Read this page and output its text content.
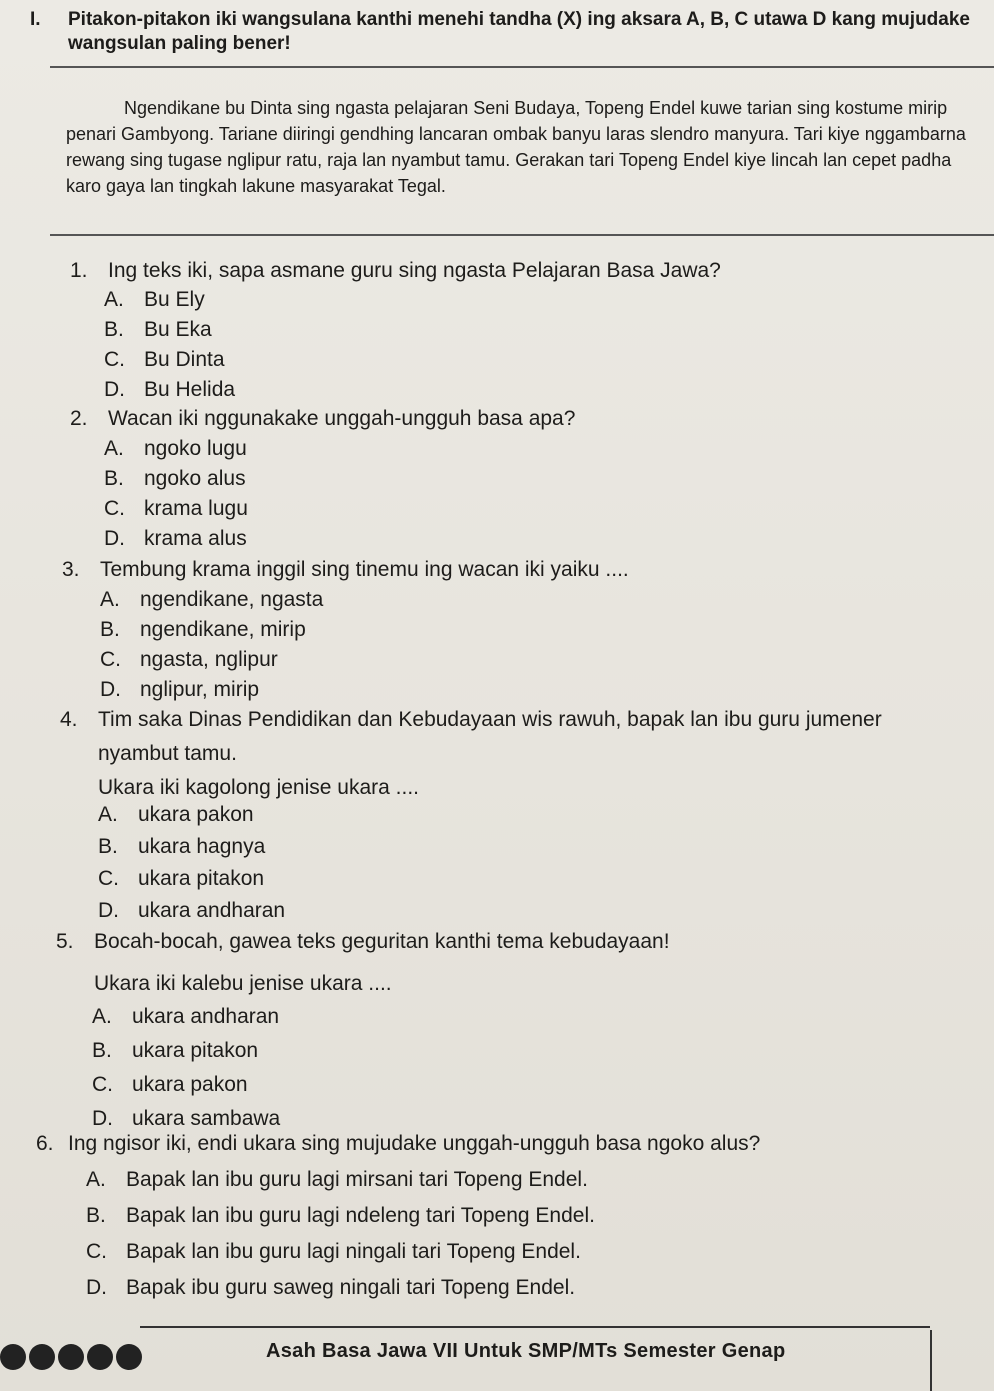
I. Pitakon-pitakon iki wangsulana kanthi menehi tandha (X) ing aksara A, B, C utawa D kang mujudake wangsulan paling bener!
Ngendikane bu Dinta sing ngasta pelajaran Seni Budaya, Topeng Endel kuwe tarian sing kostume mirip penari Gambyong. Tariane diiringi gendhing lancaran ombak banyu laras slendro manyura. Tari kiye nggambarna rewang sing tugase nglipur ratu, raja lan nyambut tamu. Gerakan tari Topeng Endel kiye lincah lan cepet padha karo gaya lan tingkah lakune masyarakat Tegal.
1. Ing teks iki, sapa asmane guru sing ngasta Pelajaran Basa Jawa?
A. Bu Ely
B. Bu Eka
C. Bu Dinta
D. Bu Helida
2. Wacan iki nggunakake unggah-ungguh basa apa?
A. ngoko lugu
B. ngoko alus
C. krama lugu
D. krama alus
3. Tembung krama inggil sing tinemu ing wacan iki yaiku ....
A. ngendikane, ngasta
B. ngendikane, mirip
C. ngasta, nglipur
D. nglipur, mirip
4. Tim saka Dinas Pendidikan dan Kebudayaan wis rawuh, bapak lan ibu guru jumener
nyambut tamu.
Ukara iki kagolong jenise ukara ....
A. ukara pakon
B. ukara hagnya
C. ukara pitakon
D. ukara andharan
5. Bocah-bocah, gawea teks geguritan kanthi tema kebudayaan!
Ukara iki kalebu jenise ukara ....
A. ukara andharan
B. ukara pitakon
C. ukara pakon
D. ukara sambawa
6. Ing ngisor iki, endi ukara sing mujudake unggah-ungguh basa ngoko alus?
A. Bapak lan ibu guru lagi mirsani tari Topeng Endel.
B. Bapak lan ibu guru lagi ndeleng tari Topeng Endel.
C. Bapak lan ibu guru lagi ningali tari Topeng Endel.
D. Bapak ibu guru saweg ningali tari Topeng Endel.
Asah Basa Jawa VII Untuk SMP/MTs Semester Genap
